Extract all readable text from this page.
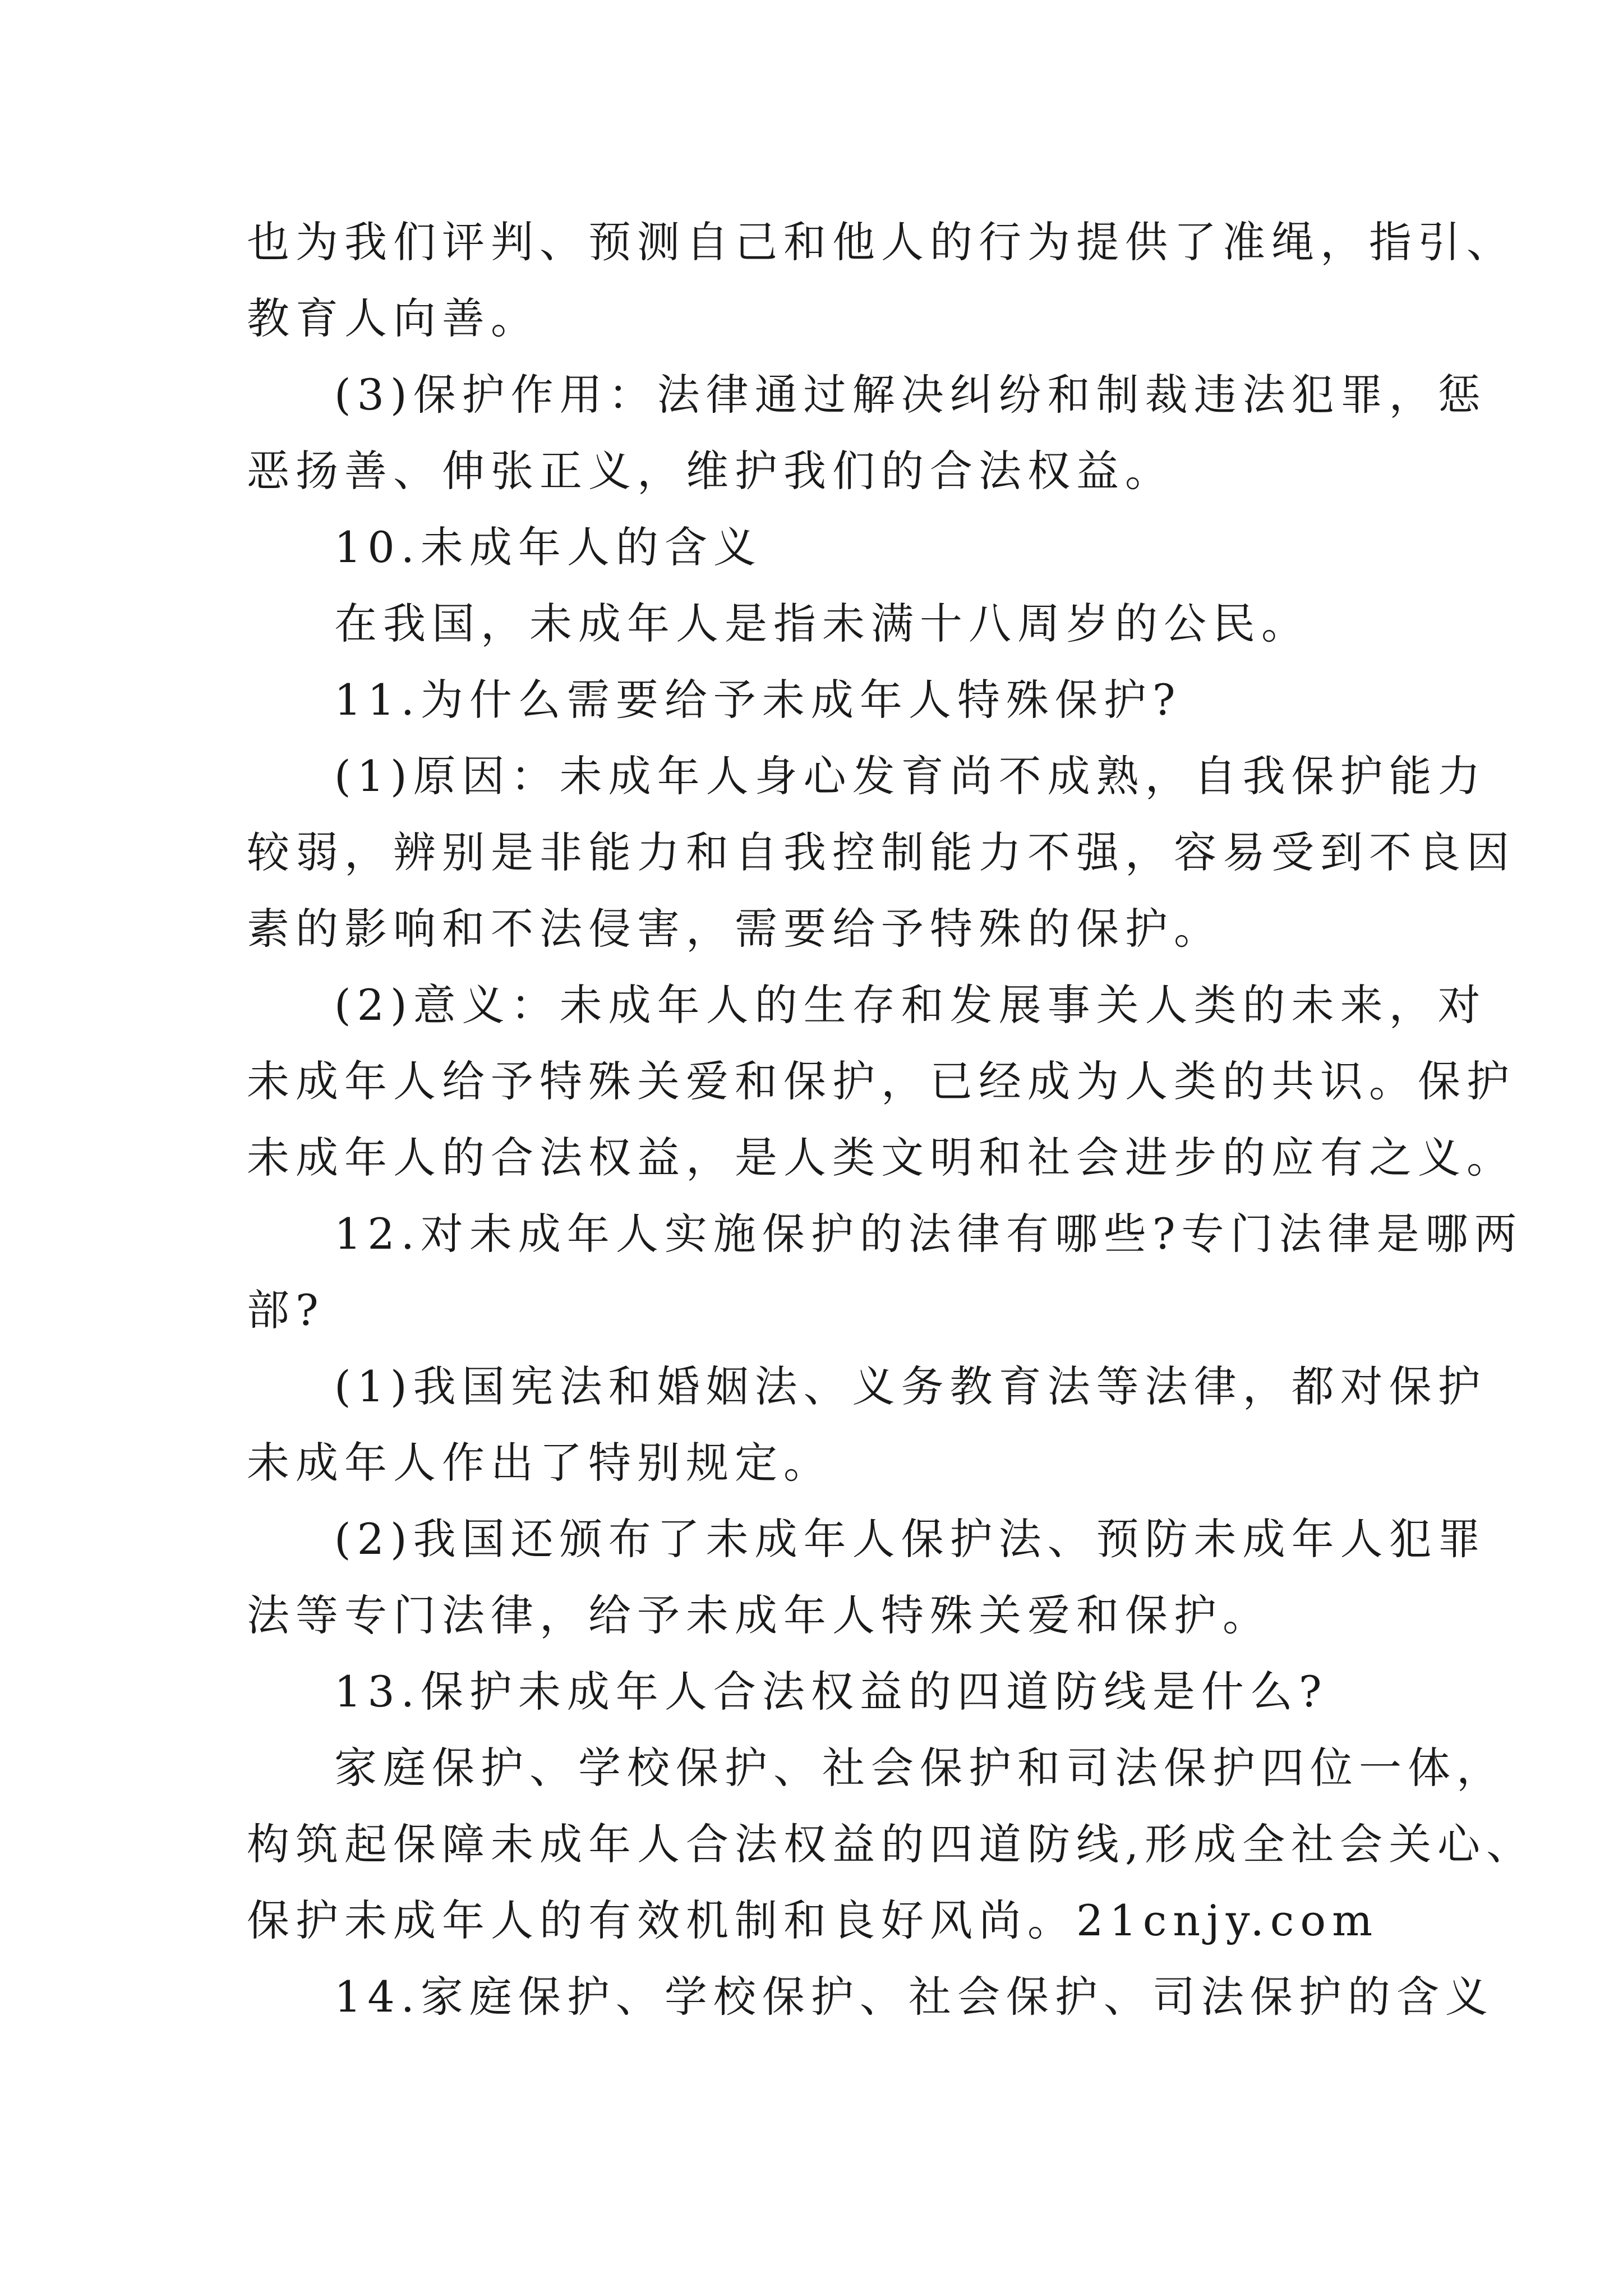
也为我们评判、预测自己和他人的行为提供了准绳，指引、
教育人向善。
(3)保护作用：法律通过解决纠纷和制裁违法犯罪，惩
恶扬善、伸张正义，维护我们的合法权益。
10.未成年人的含义
在我国，未成年人是指未满十八周岁的公民。
11.为什么需要给予未成年人特殊保护?
(1)原因：未成年人身心发育尚不成熟，自我保护能力
较弱，辨别是非能力和自我控制能力不强，容易受到不良因
素的影响和不法侵害，需要给予特殊的保护。
(2)意义：未成年人的生存和发展事关人类的未来，对
未成年人给予特殊关爱和保护，已经成为人类的共识。保护
未成年人的合法权益，是人类文明和社会进步的应有之义。
12.对未成年人实施保护的法律有哪些?专门法律是哪两
部?
(1)我国宪法和婚姻法、义务教育法等法律，都对保护
未成年人作出了特别规定。
(2)我国还颁布了未成年人保护法、预防未成年人犯罪
法等专门法律，给予未成年人特殊关爱和保护。
13.保护未成年人合法权益的四道防线是什么?
家庭保护、学校保护、社会保护和司法保护四位一体，
构筑起保障未成年人合法权益的四道防线,形成全社会关心、
保护未成年人的有效机制和良好风尚。21cnjy.com
14.家庭保护、学校保护、社会保护、司法保护的含义
